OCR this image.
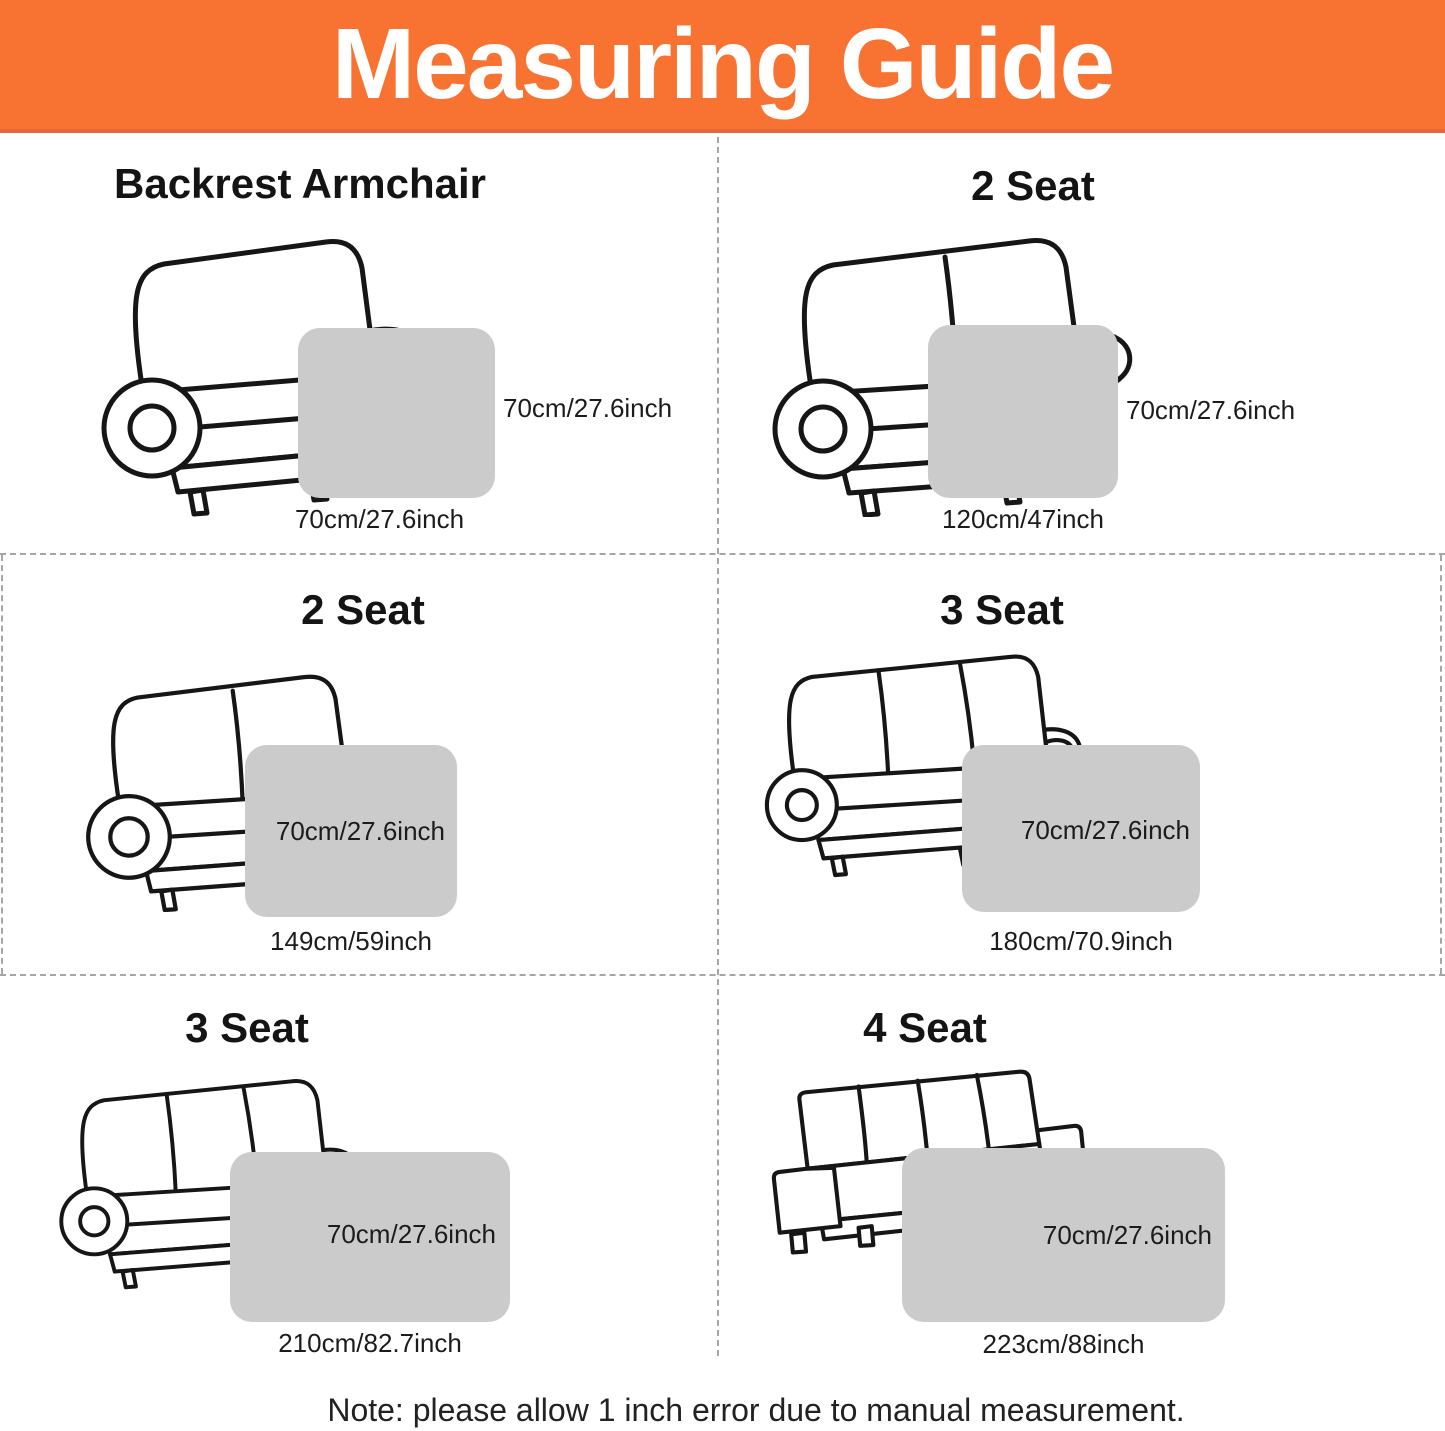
Measuring Guide
Backrest Armchair	2 Seat
2 Seat	3 Seat
3 Seat	4 Seat
70cm/27.6inch	70cm/27.6inch
70cm/27.6inch	70cm/27.6inch
70cm/27.6inch	70cm/27.6inch
70cm/27.6inch	120cm/47inch
149cm/59inch	180cm/70.9inch
210cm/82.7inch	223cm/88inch
Note: please allow 1 inch error due to manual measurement.
